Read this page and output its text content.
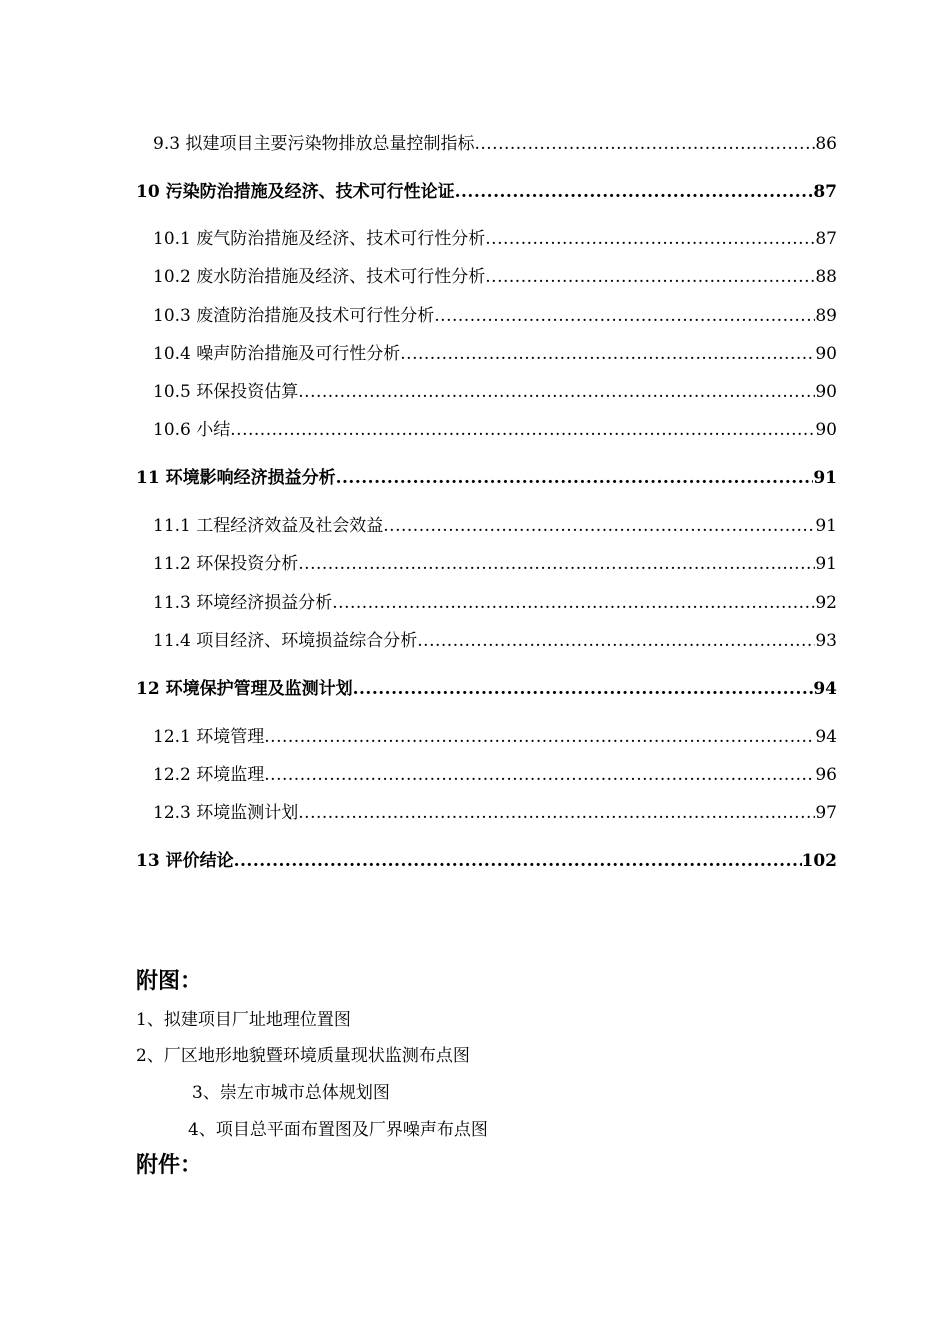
9.3 拟建项目主要污染物排放总量控制指标 .....	86
10 污染防治措施及经济、技术可行性论证 .....	87
10.1 废气防治措施及经济、技术可行性分析 .....	87
10.2 废水防治措施及经济、技术可行性分析 .....	88
10.3 废渣防治措施及技术可行性分析 .....	89
10.4 噪声防治措施及可行性分析 .....	90
10.5 环保投资估算 .....	90
10.6 小结 .....	90
11 环境影响经济损益分析 .....	91
11.1 工程经济效益及社会效益 .....	91
11.2 环保投资分析 .....	91
11.3 环境经济损益分析 .....	92
11.4 项目经济、环境损益综合分析 .....	93
12 环境保护管理及监测计划 .....	94
12.1 环境管理 .....	94
12.2 环境监理 .....	96
12.3 环境监测计划 .....	97
13 评价结论 .....	102
附图：
1、拟建项目厂址地理位置图
2、厂区地形地貌暨环境质量现状监测布点图
3、崇左市城市总体规划图
4、项目总平面布置图及厂界噪声布点图
附件：
